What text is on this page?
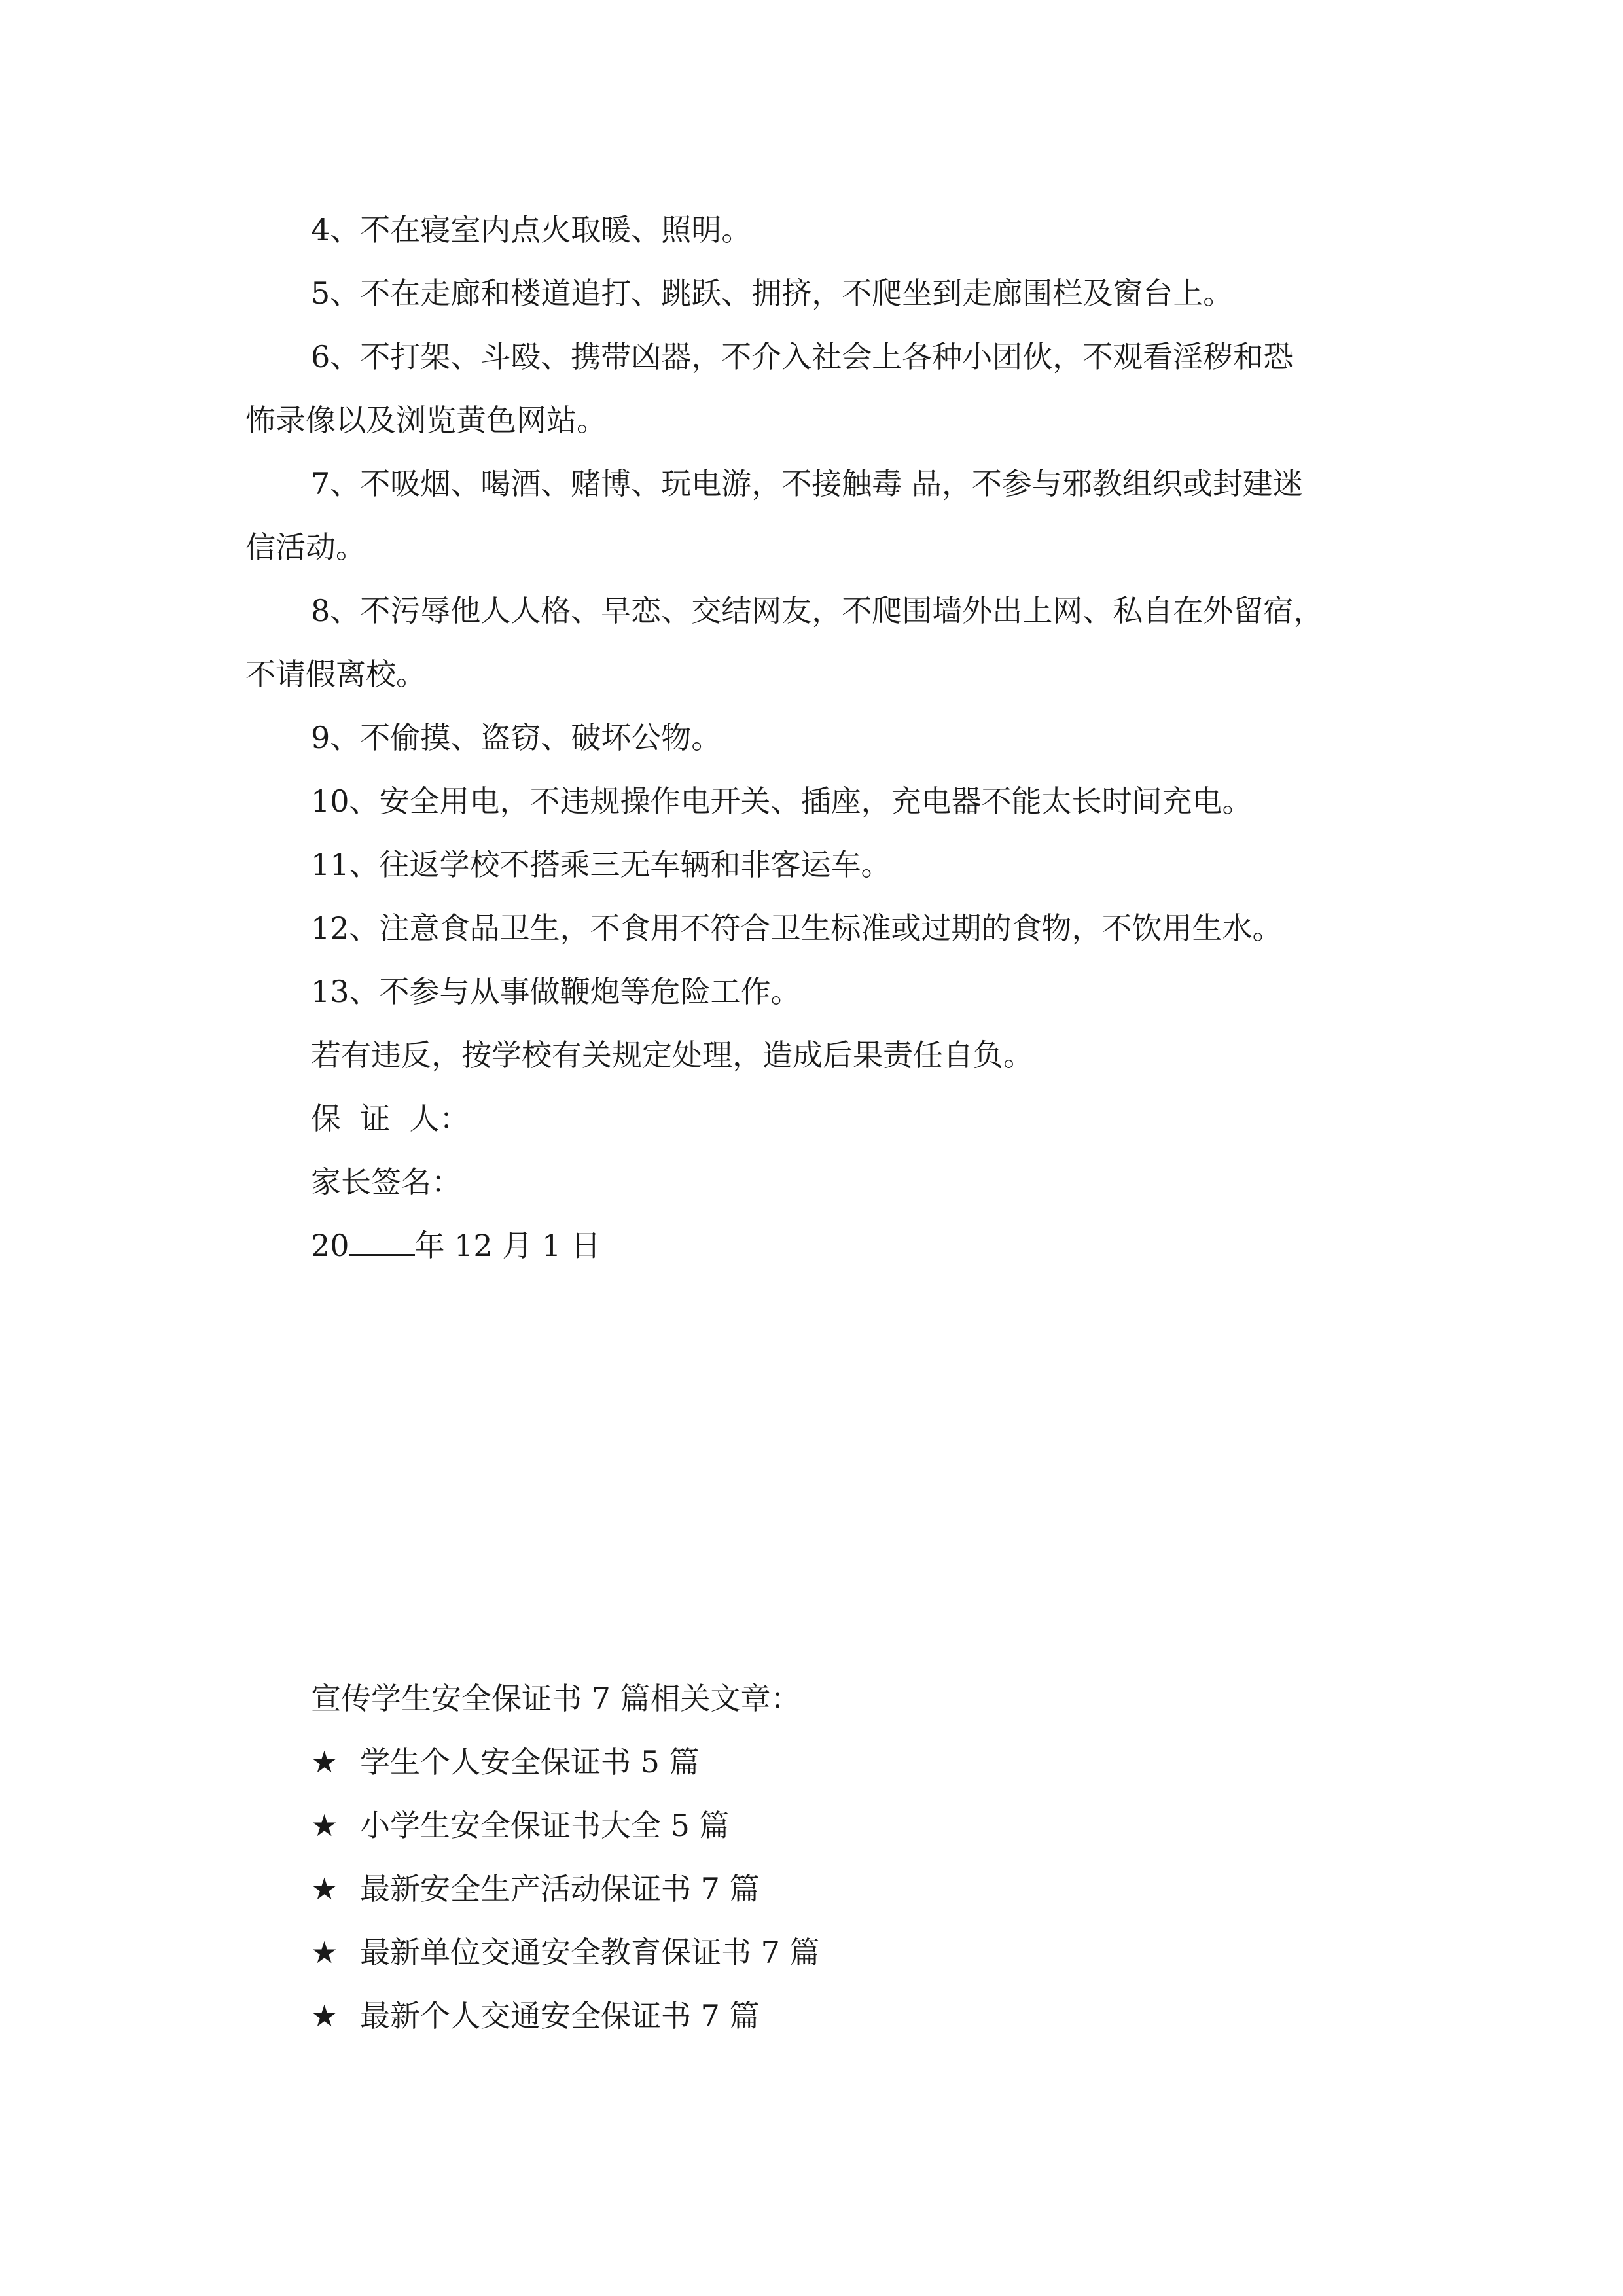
4、不在寝室内点火取暖、照明。
5、不在走廊和楼道追打、跳跃、拥挤，不爬坐到走廊围栏及窗台上。
6、不打架、斗殴、携带凶器，不介入社会上各种小团伙，不观看淫秽和恐
怖录像以及浏览黄色网站。
7、不吸烟、喝酒、赌博、玩电游，不接触毒 品，不参与邪教组织或封建迷
信活动。
8、不污辱他人人格、早恋、交结网友，不爬围墙外出上网、私自在外留宿，
不请假离校。
9、不偷摸、盗窃、破坏公物。
10、安全用电，不违规操作电开关、插座，充电器不能太长时间充电。
11、往返学校不搭乘三无车辆和非客运车。
12、注意食品卫生，不食用不符合卫生标准或过期的食物，不饮用生水。
13、不参与从事做鞭炮等危险工作。
若有违反，按学校有关规定处理，造成后果责任自负。
保  证  人：
家长签名：
20 年 12 月 1 日
宣传学生安全保证书 7 篇相关文章：
★ 学生个人安全保证书 5 篇
★ 小学生安全保证书大全 5 篇
★ 最新安全生产活动保证书 7 篇
★ 最新单位交通安全教育保证书 7 篇
★ 最新个人交通安全保证书 7 篇
